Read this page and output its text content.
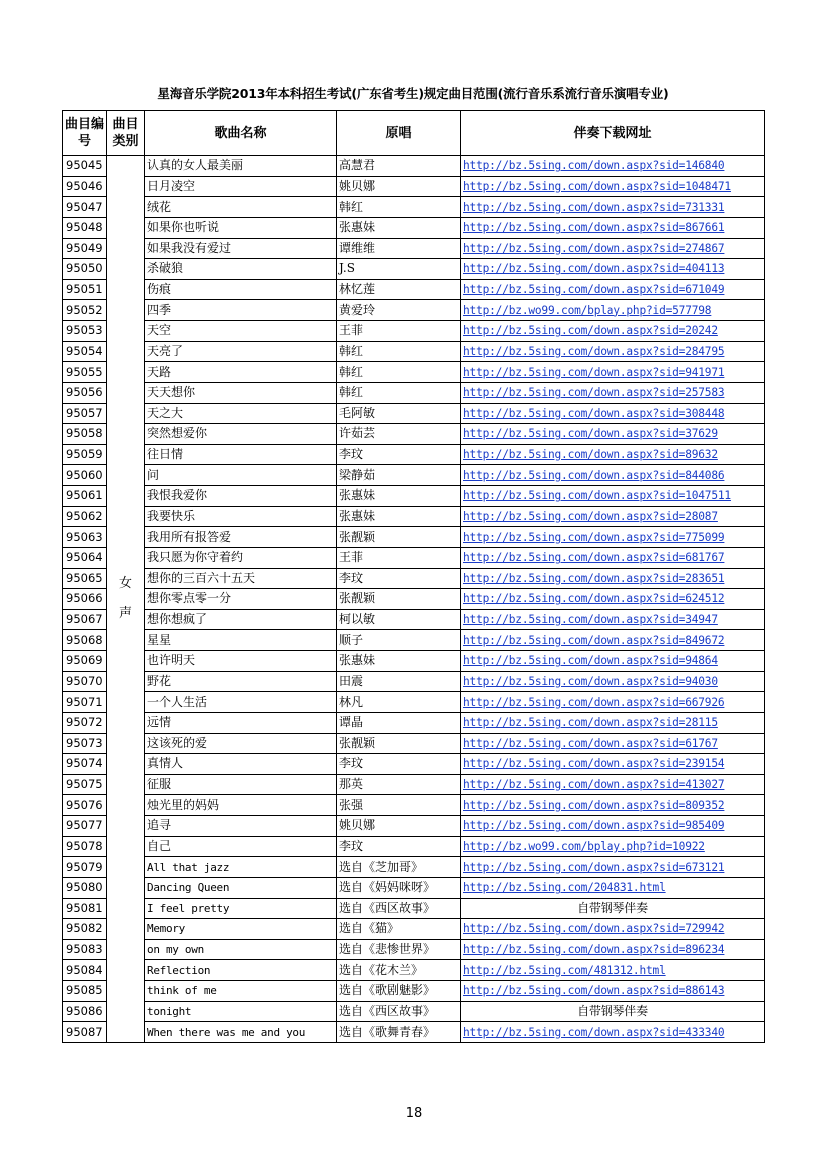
星海音乐学院2013年本科招生考试(广东省考生)规定曲目范围(流行音乐系流行音乐演唱专业)
曲目编号	曲目类别	歌曲名称	原唱	伴奏下载网址
95045	女声	认真的女人最美丽	高慧君	http://bz.5sing.com/down.aspx?sid=146840
95046		日月凌空	姚贝娜	http://bz.5sing.com/down.aspx?sid=1048471
95047		绒花	韩红	http://bz.5sing.com/down.aspx?sid=731331
95048		如果你也听说	张惠妹	http://bz.5sing.com/down.aspx?sid=867661
95049		如果我没有爱过	谭维维	http://bz.5sing.com/down.aspx?sid=274867
95050		杀破狼	J.S	http://bz.5sing.com/down.aspx?sid=404113
95051		伤痕	林忆莲	http://bz.5sing.com/down.aspx?sid=671049
95052		四季	黄爱玲	http://bz.wo99.com/bplay.php?id=577798
95053		天空	王菲	http://bz.5sing.com/down.aspx?sid=20242
95054		天亮了	韩红	http://bz.5sing.com/down.aspx?sid=284795
95055		天路	韩红	http://bz.5sing.com/down.aspx?sid=941971
95056		天天想你	韩红	http://bz.5sing.com/down.aspx?sid=257583
95057		天之大	毛阿敏	http://bz.5sing.com/down.aspx?sid=308448
95058		突然想爱你	许茹芸	http://bz.5sing.com/down.aspx?sid=37629
95059		往日情	李玟	http://bz.5sing.com/down.aspx?sid=89632
95060		问	梁静茹	http://bz.5sing.com/down.aspx?sid=844086
95061		我恨我爱你	张惠妹	http://bz.5sing.com/down.aspx?sid=1047511
95062		我要快乐	张惠妹	http://bz.5sing.com/down.aspx?sid=28087
95063		我用所有报答爱	张靓颖	http://bz.5sing.com/down.aspx?sid=775099
95064		我只愿为你守着约	王菲	http://bz.5sing.com/down.aspx?sid=681767
95065		想你的三百六十五天	李玟	http://bz.5sing.com/down.aspx?sid=283651
95066		想你零点零一分	张靓颖	http://bz.5sing.com/down.aspx?sid=624512
95067		想你想疯了	柯以敏	http://bz.5sing.com/down.aspx?sid=34947
95068		星星	顺子	http://bz.5sing.com/down.aspx?sid=849672
95069		也许明天	张惠妹	http://bz.5sing.com/down.aspx?sid=94864
95070		野花	田震	http://bz.5sing.com/down.aspx?sid=94030
95071		一个人生活	林凡	http://bz.5sing.com/down.aspx?sid=667926
95072		远情	谭晶	http://bz.5sing.com/down.aspx?sid=28115
95073		这该死的爱	张靓颖	http://bz.5sing.com/down.aspx?sid=61767
95074		真情人	李玟	http://bz.5sing.com/down.aspx?sid=239154
95075		征服	那英	http://bz.5sing.com/down.aspx?sid=413027
95076		烛光里的妈妈	张强	http://bz.5sing.com/down.aspx?sid=809352
95077		追寻	姚贝娜	http://bz.5sing.com/down.aspx?sid=985409
95078		自己	李玟	http://bz.wo99.com/bplay.php?id=10922
95079		All that jazz	选自《芝加哥》	http://bz.5sing.com/down.aspx?sid=673121
95080		Dancing Queen	选自《妈妈咪呀》	http://bz.5sing.com/204831.html
95081		I feel pretty	选自《西区故事》	自带钢琴伴奏
95082		Memory	选自《猫》	http://bz.5sing.com/down.aspx?sid=729942
95083		on my own	选自《悲惨世界》	http://bz.5sing.com/down.aspx?sid=896234
95084		Reflection	选自《花木兰》	http://bz.5sing.com/481312.html
95085		think of me	选自《歌剧魅影》	http://bz.5sing.com/down.aspx?sid=886143
95086		tonight	选自《西区故事》	自带钢琴伴奏
95087		When there was me and you	选自《歌舞青春》	http://bz.5sing.com/down.aspx?sid=433340
18
